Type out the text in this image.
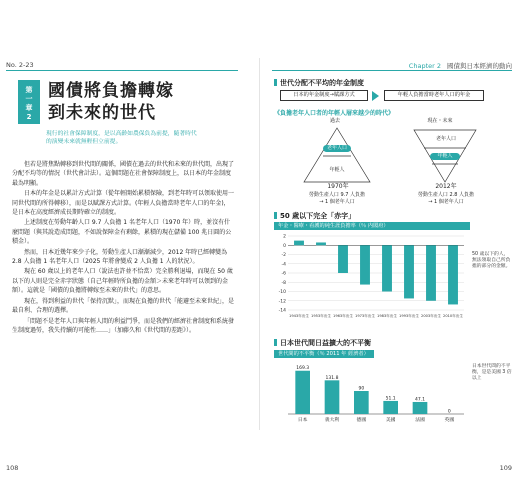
No. 2-23
第
一
章
2
國債將負擔轉嫁
到未來的世代
現行的社會保障制度，是以高齡如農保負為前提，隨著時代的演變未來就無輕但立前提。

但若是將焦點轉移到世代間的關係，國債在過去的世代和未來的世代間，出現了分配不均等的情況（世代會計法）。這個問題在社會保障制度上，以日本的年金制度最為明顯。

日本的年金是以累計方式計算（從年輕開始累積保險，到老年時可以領取使用一同世代間的所得轉移），而是以賦課方式計算。(年輕人負擔當時老年人口的年金)，是日本在高度經濟成長期時確立的制度。

上述制度在勞動年齡人口 9.7 人負擔 1 名老年人口（1970 年）時，並沒有什麼問題（與其說造成問題，不如說保障金有剩餘，累積的現在儲備 100 兆日圓的公積金）。

然而，日本近幾年來少子化，勞動生產人口漸漸減少，2012 年時已經轉變為 2.8 人負擔 1 名老年人口（2025 年將會變成 2 人負擔 1 人的狀況）。

現在 60 歲以上的老年人口（說法也許並不恰當）完全勝利退場，而現在 50 歲以下的人則是完全赤字狀態（自己年輕時所負擔的金額＞未來老年時可以領到的金額）。這就是「國債的負擔將轉嫁至未來的世代」的意思。

現在，得到利益的世代「保持沉默」，而現在負擔的世代「能避至未來世紀」，是最自利、合理的選擇。

「問題不是老年人口與年輕人間的利益鬥爭，而是我們的經濟社會制度和系統發生制度過勞，我失持續的可能性……」（加藤久和《世代間的差距》）。

108
Chapter 2 國債與日本經濟的動向
世代分配不平均的年金制度
日本的年金制度→賦課方式	年輕人負擔當時老年人口的年金
《負擔老年人口者的年輕人層來越少的時代》
過去	現在・未來
老年人口
年輕人
老年人口
年輕人
1970年	2012年
勞動生產人口 9.7 人負擔
→ 1 個老年人口
勞動生產人口 2.8 人負擔
→ 1 個老年人口
50 歲以下完全「赤字」
年金・醫療・看護的純生涯負擔率（％ 内閣府）
2
0
-2
-4
-6
-8
-10
-12
-14
1943年出生 1953年出生 1963年出生 1973年出生 1983年出生 1993年出生 2003年出生 2010年出生
50 歲以下的人，無法領取自己所負擔的部分的金額。
日本世代間日益擴大的不平衡
世代間的不平衡（％ 2011 年 經濟者）
169.3
日本
131.8
義大利
90
德國
51.1
美國
47.1
法國
0
英國
日本世代間的不平衡，是是美國 3 倍以上
109
